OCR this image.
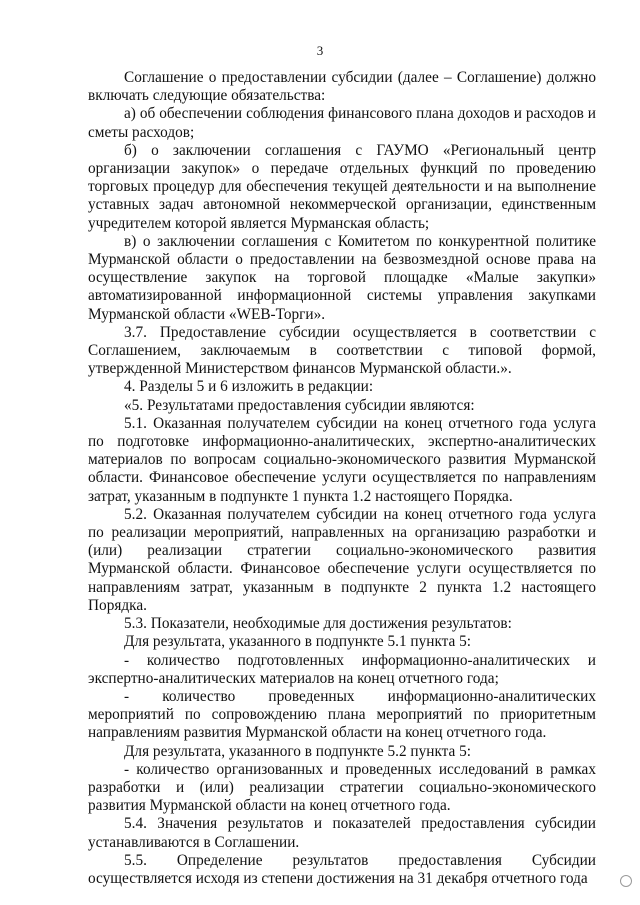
3

Соглашение о предоставлении субсидии (далее – Соглашение) должно включать следующие обязательства:

а) об обеспечении соблюдения финансового плана доходов и расходов и сметы расходов;

б) о заключении соглашения с ГАУМО «Региональный центр организации закупок» о передаче отдельных функций по проведению торговых процедур для обеспечения текущей деятельности и на выполнение уставных задач автономной некоммерческой организации, единственным учредителем которой является Мурманская область;

в) о заключении соглашения с Комитетом по конкурентной политике Мурманской области о предоставлении на безвозмездной основе права на осуществление закупок на торговой площадке «Малые закупки» автоматизированной информационной системы управления закупками Мурманской области «WEB-Торги».

3.7. Предоставление субсидии осуществляется в соответствии с Соглашением, заключаемым в соответствии с типовой формой, утвержденной Министерством финансов Мурманской области.».

4. Разделы 5 и 6 изложить в редакции:

«5. Результатами предоставления субсидии являются:

5.1. Оказанная получателем субсидии на конец отчетного года услуга по подготовке информационно-аналитических, экспертно-аналитических материалов по вопросам социально-экономического развития Мурманской области. Финансовое обеспечение услуги осуществляется по направлениям затрат, указанным в подпункте 1 пункта 1.2 настоящего Порядка.

5.2. Оказанная получателем субсидии на конец отчетного года услуга по реализации мероприятий, направленных на организацию разработки и (или) реализации стратегии социально-экономического развития Мурманской области. Финансовое обеспечение услуги осуществляется по направлениям затрат, указанным в подпункте 2 пункта 1.2 настоящего Порядка.

5.3. Показатели, необходимые для достижения результатов:

Для результата, указанного в подпункте 5.1 пункта 5:

- количество подготовленных информационно-аналитических и экспертно-аналитических материалов на конец отчетного года;

- количество проведенных информационно-аналитических мероприятий по сопровождению плана мероприятий по приоритетным направлениям развития Мурманской области на конец отчетного года.

Для результата, указанного в подпункте 5.2 пункта 5:

- количество организованных и проведенных исследований в рамках разработки и (или) реализации стратегии социально-экономического развития Мурманской области на конец отчетного года.

5.4. Значения результатов и показателей предоставления субсидии устанавливаются в Соглашении.

5.5. Определение результатов предоставления Субсидии осуществляется исходя из степени достижения на 31 декабря отчетного года
